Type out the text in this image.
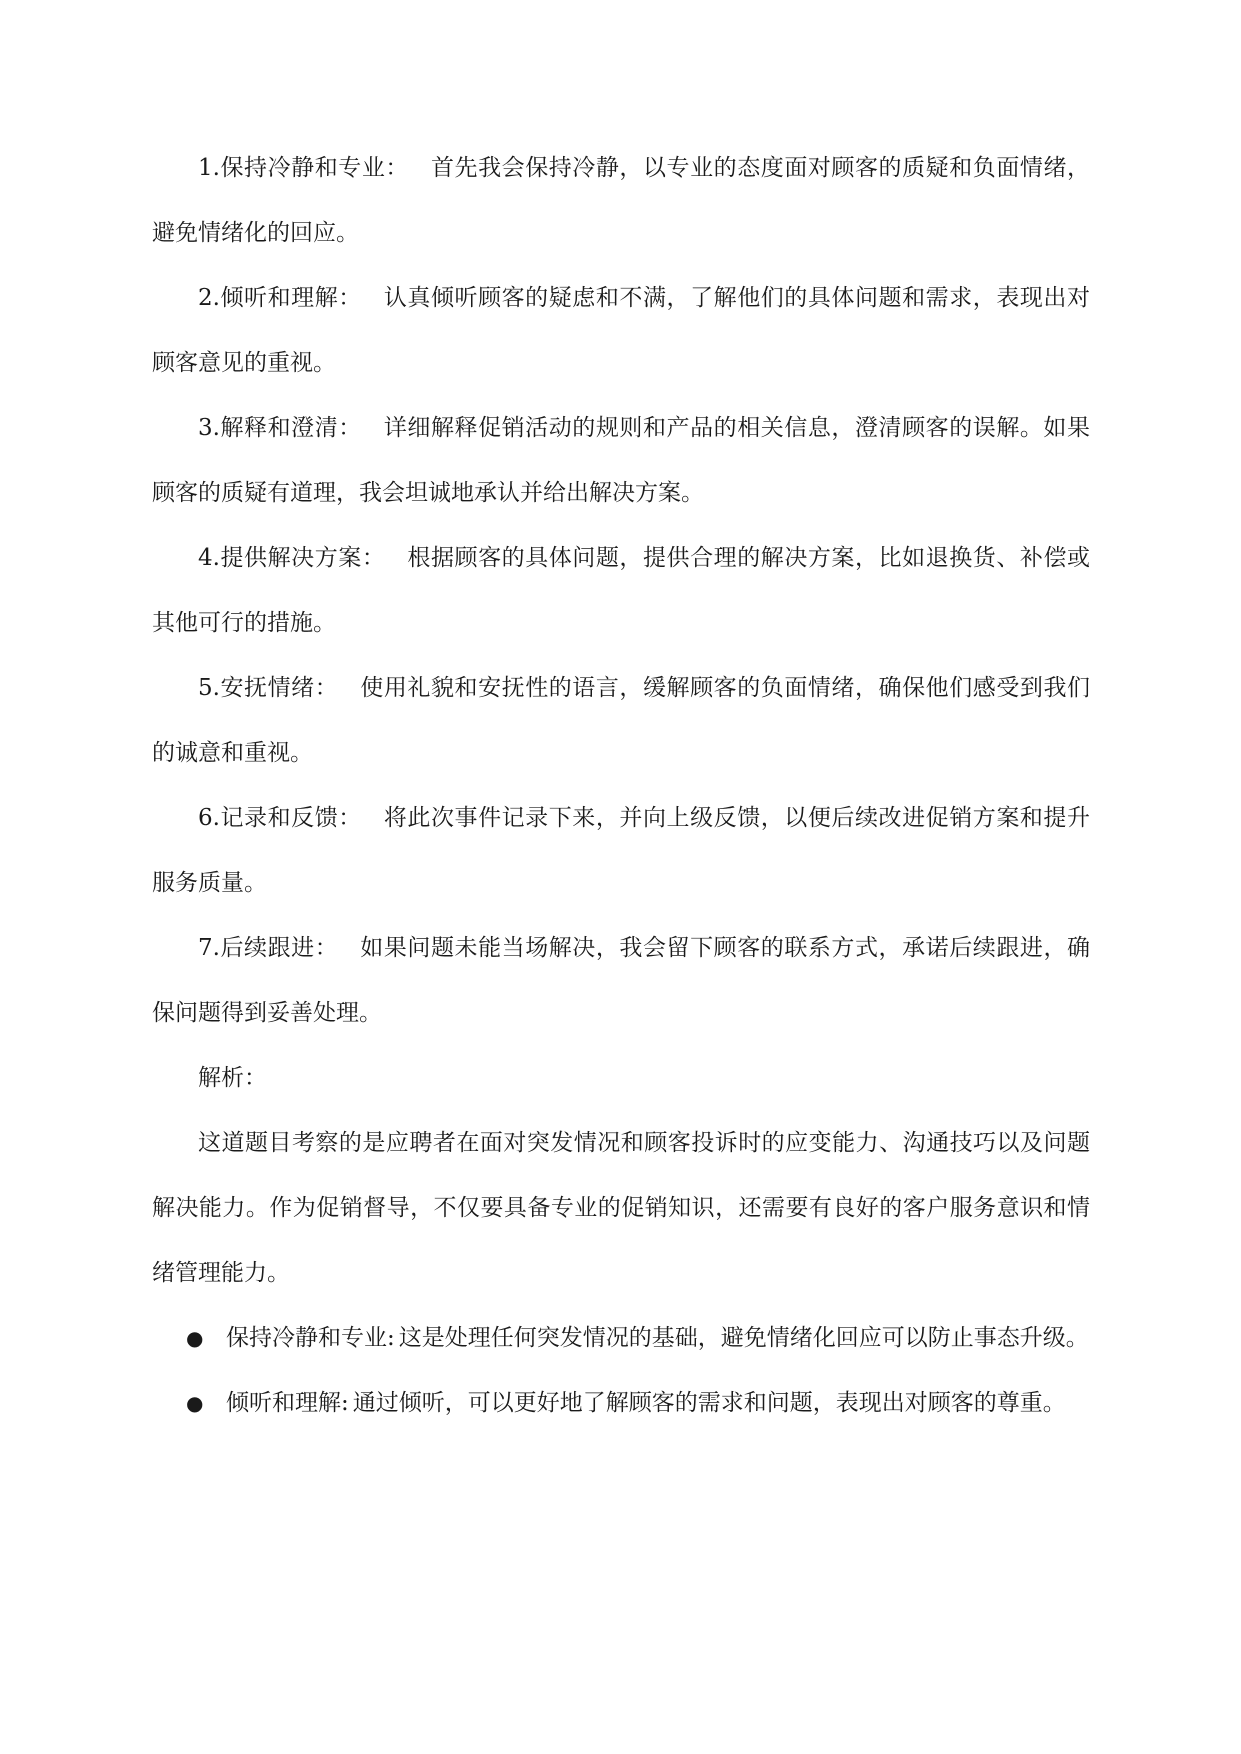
1.保持冷静和专业： 首先我会保持冷静，以专业的态度面对顾客的质疑和负面情绪，避免情绪化的回应。

2.倾听和理解： 认真倾听顾客的疑虑和不满，了解他们的具体问题和需求，表现出对顾客意见的重视。

3.解释和澄清： 详细解释促销活动的规则和产品的相关信息，澄清顾客的误解。如果顾客的质疑有道理，我会坦诚地承认并给出解决方案。

4.提供解决方案： 根据顾客的具体问题，提供合理的解决方案，比如退换货、补偿或其他可行的措施。

5.安抚情绪： 使用礼貌和安抚性的语言，缓解顾客的负面情绪，确保他们感受到我们的诚意和重视。

6.记录和反馈： 将此次事件记录下来，并向上级反馈，以便后续改进促销方案和提升服务质量。

7.后续跟进： 如果问题未能当场解决，我会留下顾客的联系方式，承诺后续跟进，确保问题得到妥善处理。

解析：

这道题目考察的是应聘者在面对突发情况和顾客投诉时的应变能力、沟通技巧以及问题解决能力。作为促销督导，不仅要具备专业的促销知识，还需要有良好的客户服务意识和情绪管理能力。

● 保持冷静和专业: 这是处理任何突发情况的基础，避免情绪化回应可以防止事态升级。
● 倾听和理解: 通过倾听，可以更好地了解顾客的需求和问题，表现出对顾客的尊重。
